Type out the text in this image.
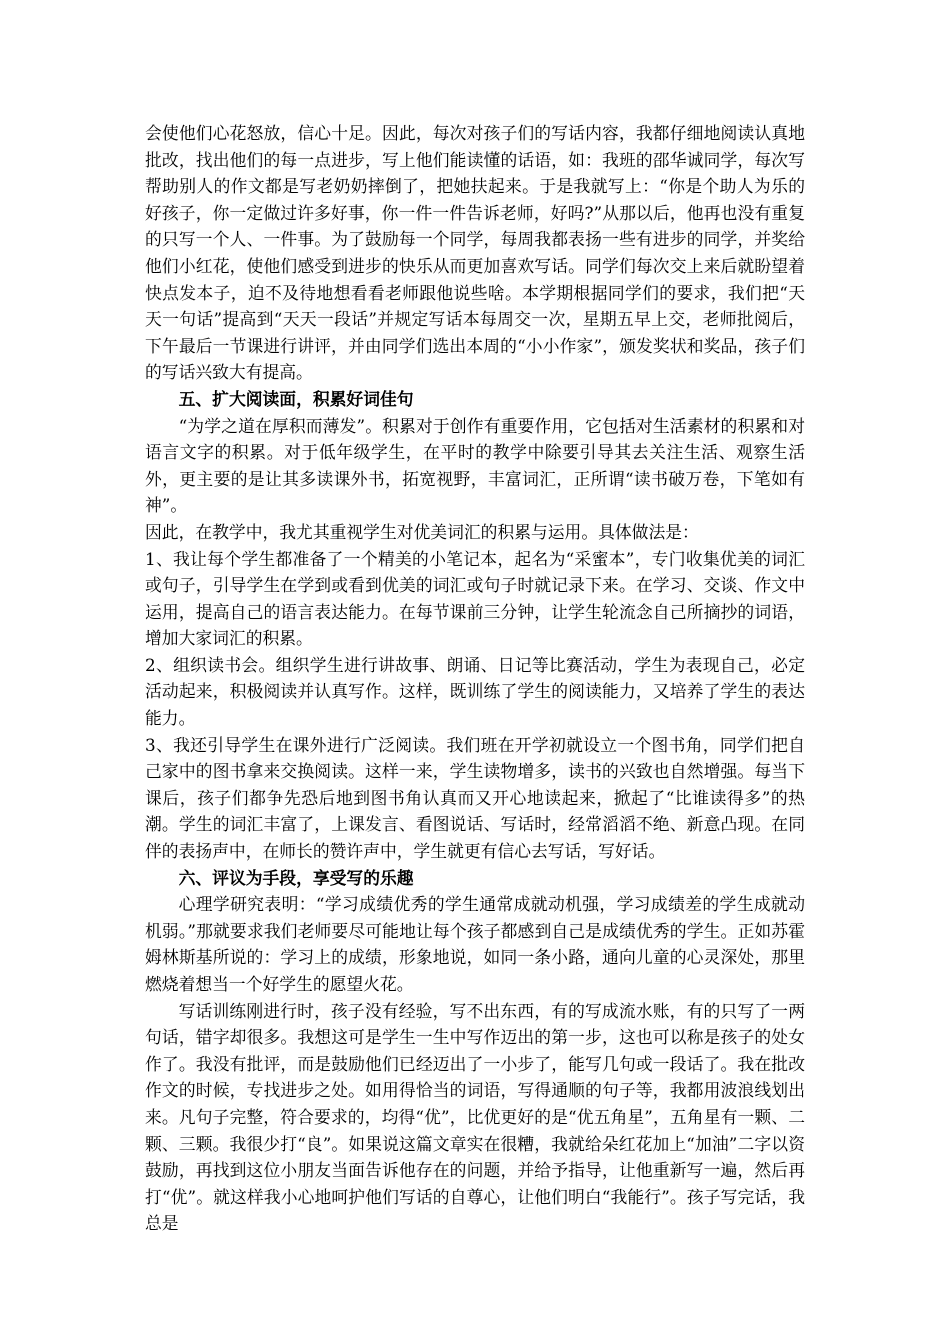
会使他们心花怒放，信心十足。因此，每次对孩子们的写话内容，我都仔细地阅读认真地批改，找出他们的每一点进步，写上他们能读懂的话语，如：我班的邵华诚同学，每次写帮助别人的作文都是写老奶奶摔倒了，把她扶起来。于是我就写上：“你是个助人为乐的好孩子，你一定做过许多好事，你一件一件告诉老师，好吗?”从那以后，他再也没有重复的只写一个人、一件事。为了鼓励每一个同学，每周我都表扬一些有进步的同学，并奖给他们小红花，使他们感受到进步的快乐从而更加喜欢写话。同学们每次交上来后就盼望着快点发本子，迫不及待地想看看老师跟他说些啥。本学期根据同学们的要求，我们把“天天一句话”提高到“天天一段话”并规定写话本每周交一次，星期五早上交，老师批阅后，下午最后一节课进行讲评，并由同学们选出本周的“小小作家”，颁发奖状和奖品，孩子们的写话兴致大有提高。

五、扩大阅读面，积累好词佳句

“为学之道在厚积而薄发”。积累对于创作有重要作用，它包括对生活素材的积累和对语言文字的积累。对于低年级学生，在平时的教学中除要引导其去关注生活、观察生活外，更主要的是让其多读课外书，拓宽视野，丰富词汇，正所谓“读书破万卷，下笔如有神”。

因此，在教学中，我尤其重视学生对优美词汇的积累与运用。具体做法是：

1、我让每个学生都准备了一个精美的小笔记本，起名为“采蜜本”，专门收集优美的词汇或句子，引导学生在学到或看到优美的词汇或句子时就记录下来。在学习、交谈、作文中运用，提高自己的语言表达能力。在每节课前三分钟，让学生轮流念自己所摘抄的词语，增加大家词汇的积累。

2、组织读书会。组织学生进行讲故事、朗诵、日记等比赛活动，学生为表现自己，必定活动起来，积极阅读并认真写作。这样，既训练了学生的阅读能力，又培养了学生的表达能力。

3、我还引导学生在课外进行广泛阅读。我们班在开学初就设立一个图书角，同学们把自己家中的图书拿来交换阅读。这样一来，学生读物增多，读书的兴致也自然增强。每当下课后，孩子们都争先恐后地到图书角认真而又开心地读起来，掀起了“比谁读得多”的热潮。学生的词汇丰富了，上课发言、看图说话、写话时，经常滔滔不绝、新意凸现。在同伴的表扬声中，在师长的赞许声中，学生就更有信心去写话，写好话。

六、评议为手段，享受写的乐趣

心理学研究表明：“学习成绩优秀的学生通常成就动机强，学习成绩差的学生成就动机弱。”那就要求我们老师要尽可能地让每个孩子都感到自己是成绩优秀的学生。正如苏霍姆林斯基所说的：学习上的成绩，形象地说，如同一条小路，通向儿童的心灵深处，那里燃烧着想当一个好学生的愿望火花。

写话训练刚进行时，孩子没有经验，写不出东西，有的写成流水账，有的只写了一两句话，错字却很多。我想这可是学生一生中写作迈出的第一步，这也可以称是孩子的处女作了。我没有批评，而是鼓励他们已经迈出了一小步了，能写几句或一段话了。我在批改作文的时候，专找进步之处。如用得恰当的词语，写得通顺的句子等，我都用波浪线划出来。凡句子完整，符合要求的，均得“优”，比优更好的是“优五角星”，五角星有一颗、二颗、三颗。我很少打“良”。如果说这篇文章实在很糟，我就给朵红花加上“加油”二字以资鼓励，再找到这位小朋友当面告诉他存在的问题，并给予指导，让他重新写一遍，然后再打“优”。就这样我小心地呵护他们写话的自尊心，让他们明白“我能行”。孩子写完话，我总是
